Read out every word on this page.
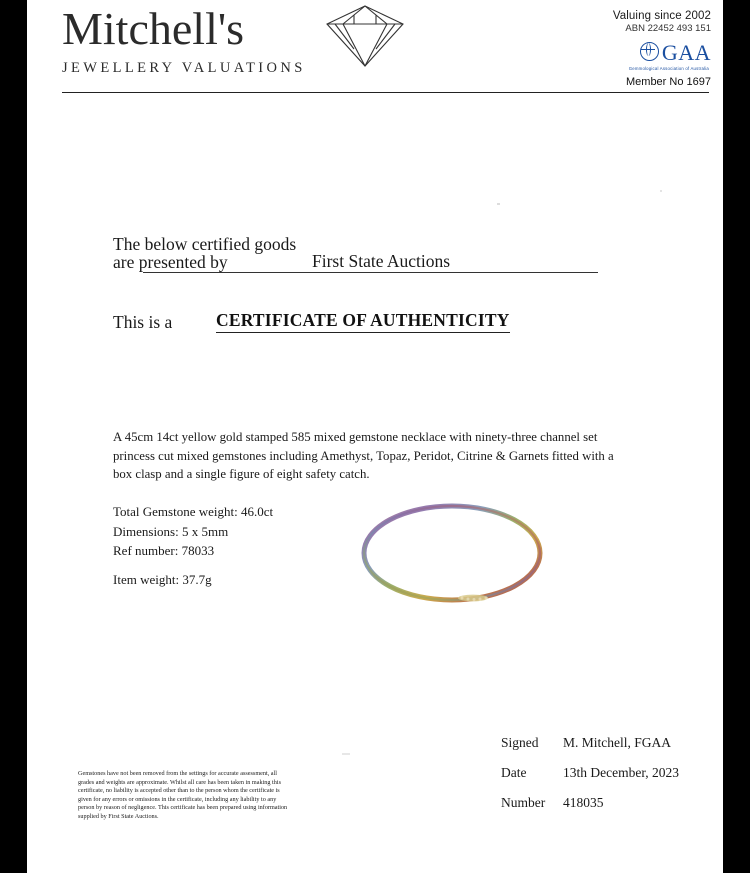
Mitchell's
JEWELLERY VALUATIONS
Valuing since 2002
ABN 22452 493 151
GAA
Gemmological Association of Australia
Member No 1697
The below certified goods
are presented by	First State Auctions
This is a CERTIFICATE OF AUTHENTICITY
A 45cm 14ct yellow gold stamped 585 mixed gemstone necklace with ninety-three channel set princess cut mixed gemstones including Amethyst, Topaz, Peridot, Citrine & Garnets fitted with a box clasp and a single figure of eight safety catch.
Total Gemstone weight: 46.0ct
Dimensions: 5 x 5mm
Ref number: 78033
Item weight: 37.7g
Signed	M. Mitchell, FGAA
Date	13th December, 2023
Number	418035
Gemstones have not been removed from the settings for accurate assessment, all grades and weights are approximate. Whilst all care has been taken in making this certificate, no liability is accepted other than to the person whom the certificate is given for any errors or omissions in the certificate, including any liability to any person by reason of negligence. This certificate has been prepared using information supplied by First State Auctions.
